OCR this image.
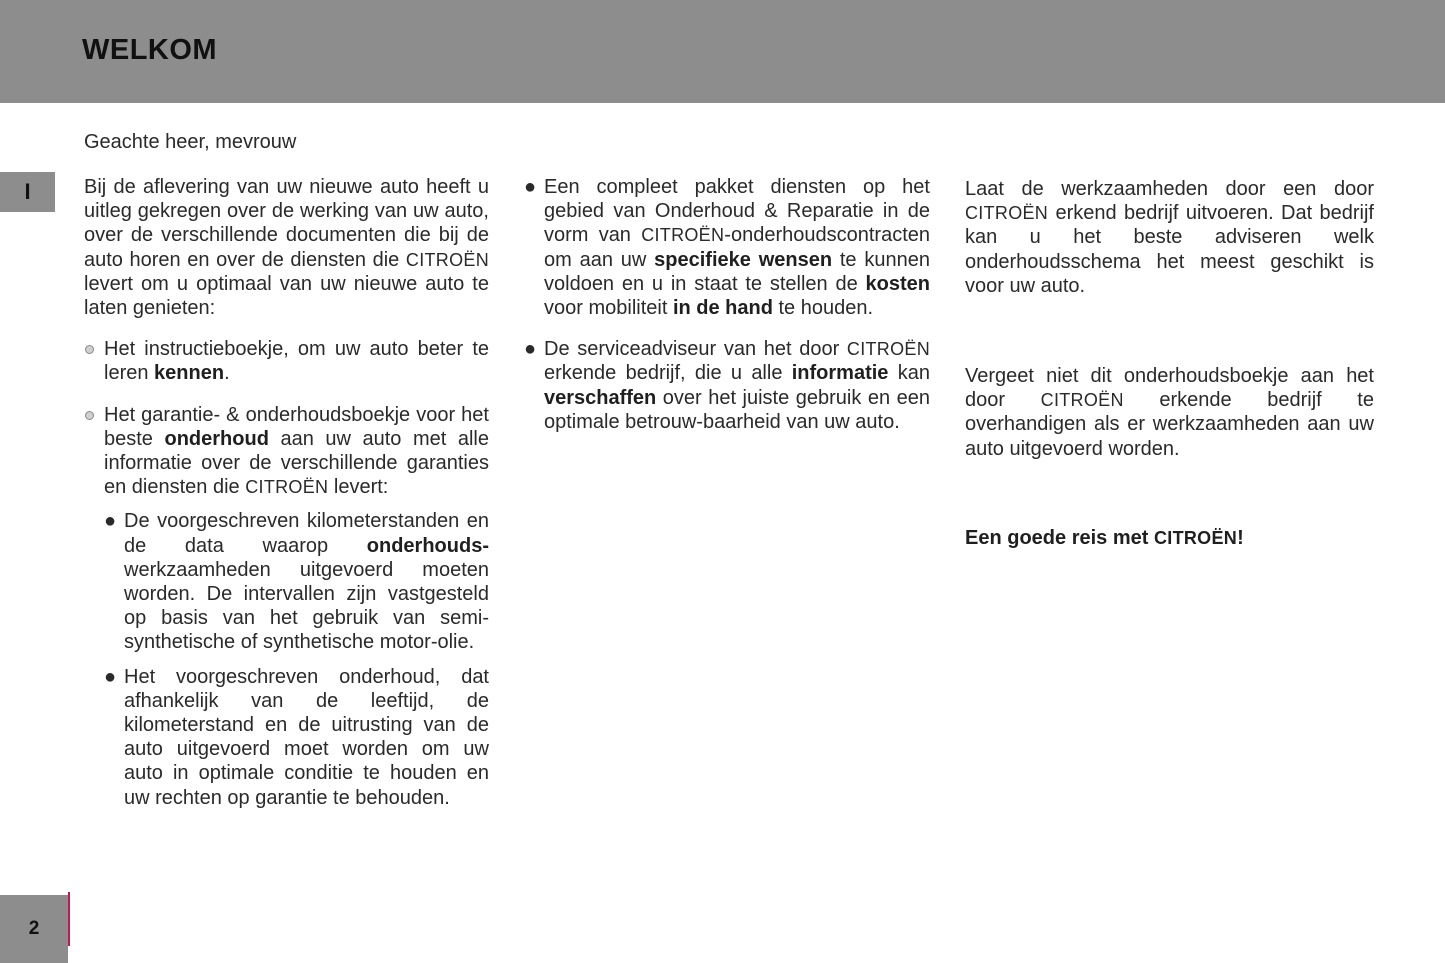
WELKOM
I
Geachte heer, mevrouw

Bij de aflevering van uw nieuwe auto heeft u uitleg gekregen over de werking van uw auto, over de verschillende documenten die bij de auto horen en over de diensten die CITROËN levert om u optimaal van uw nieuwe auto te laten genieten:

Het instructieboekje, om uw auto beter te leren kennen.
Het garantie- & onderhoudsboekje voor het beste onderhoud aan uw auto met alle informatie over de verschillende garanties en diensten die CITROËN levert:
● De voorgeschreven kilometerstanden en de data waarop onderhouds-werkzaamheden uitgevoerd moeten worden. De intervallen zijn vastgesteld op basis van het gebruik van semi-synthetische of synthetische motor-olie.
● Het voorgeschreven onderhoud, dat afhankelijk van de leeftijd, de kilometerstand en de uitrusting van de auto uitgevoerd moet worden om uw auto in optimale conditie te houden en uw rechten op garantie te behouden.
● Een compleet pakket diensten op het gebied van Onderhoud & Reparatie in de vorm van CITROËN-onderhoudscontracten om aan uw specifieke wensen te kunnen voldoen en u in staat te stellen de kosten voor mobiliteit in de hand te houden.
● De serviceadviseur van het door CITROËN erkende bedrijf, die u alle informatie kan verschaffen over het juiste gebruik en een optimale betrouw-baarheid van uw auto.

Laat de werkzaamheden door een door CITROËN erkend bedrijf uitvoeren. Dat bedrijf kan u het beste adviseren welk onderhoudsschema het meest geschikt is voor uw auto.

Vergeet niet dit onderhoudsboekje aan het door CITROËN erkende bedrijf te overhandigen als er werkzaamheden aan uw auto uitgevoerd worden.

Een goede reis met CITROËN!

2
